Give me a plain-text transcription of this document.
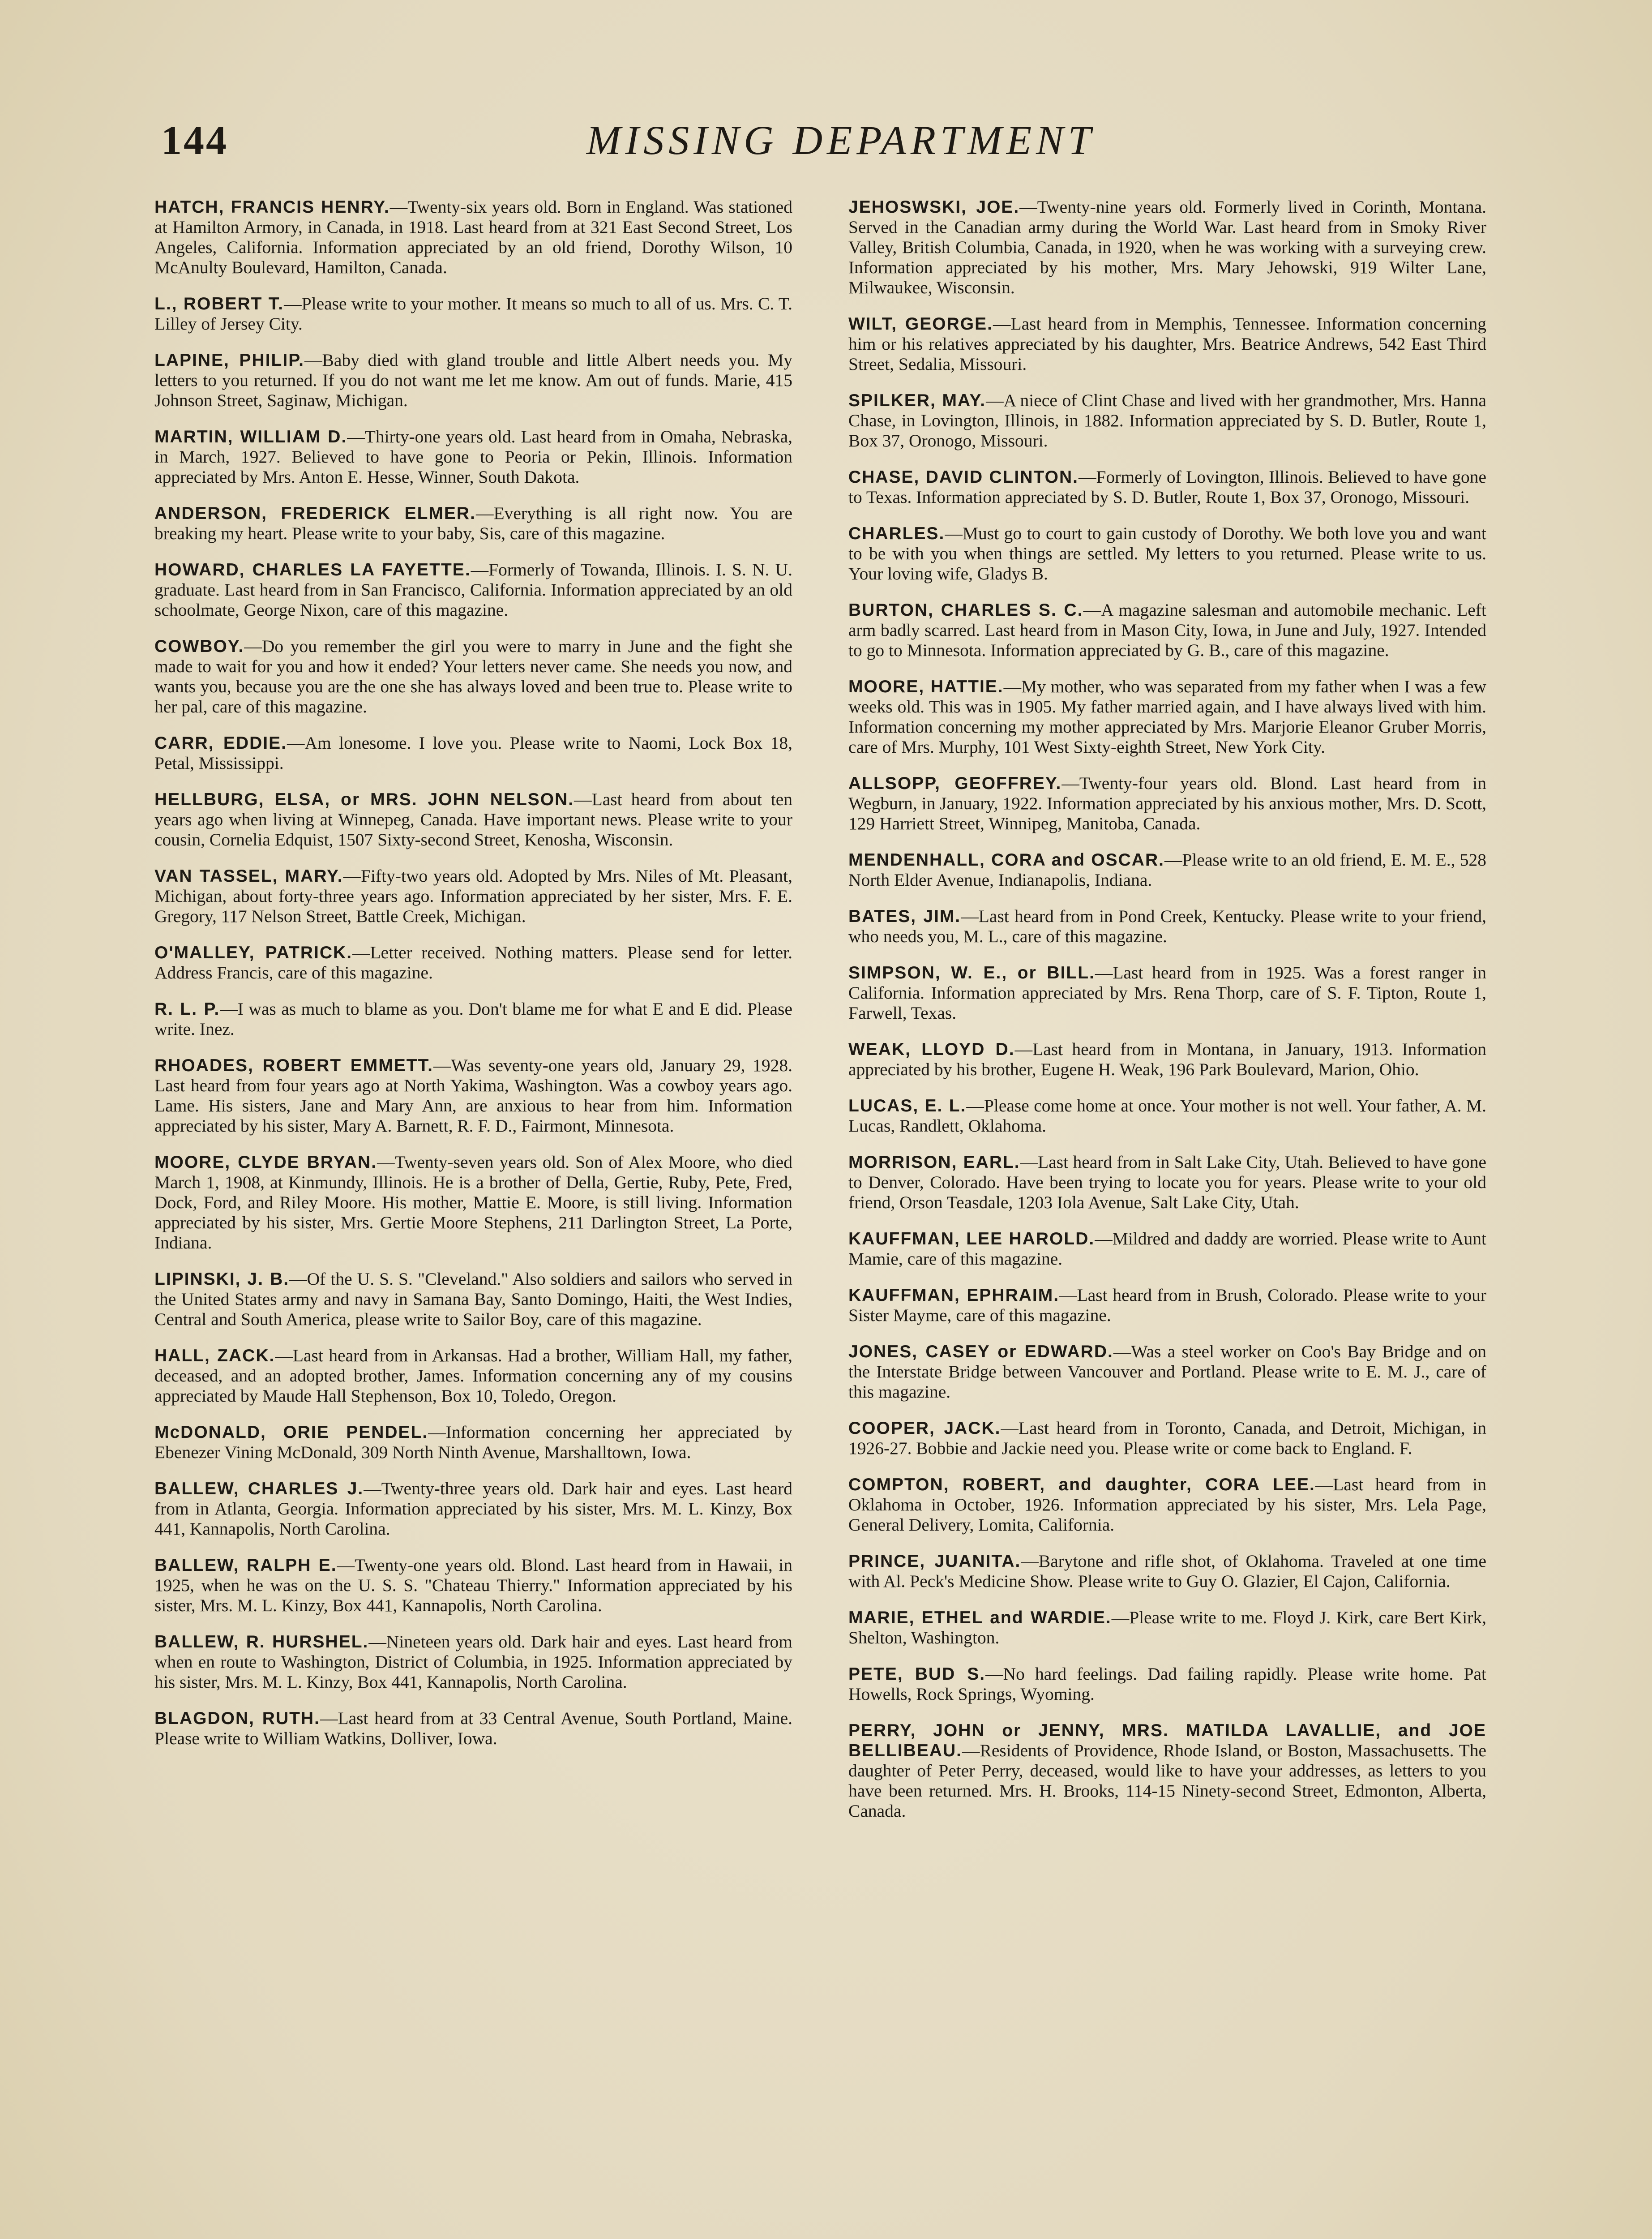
144	MISSING DEPARTMENT

HATCH, FRANCIS HENRY.—Twenty-six years old. Born in England. Was stationed at Hamilton Armory, in Canada, in 1918. Last heard from at 321 East Second Street, Los Angeles, California. Information appreciated by an old friend, Dorothy Wilson, 10 McAnulty Boulevard, Hamilton, Canada.

L., ROBERT T.—Please write to your mother. It means so much to all of us. Mrs. C. T. Lilley of Jersey City.

LAPINE, PHILIP.—Baby died with gland trouble and little Albert needs you. My letters to you returned. If you do not want me let me know. Am out of funds. Marie, 415 Johnson Street, Saginaw, Michigan.

MARTIN, WILLIAM D.—Thirty-one years old. Last heard from in Omaha, Nebraska, in March, 1927. Believed to have gone to Peoria or Pekin, Illinois. Information appreciated by Mrs. Anton E. Hesse, Winner, South Dakota.

ANDERSON, FREDERICK ELMER.—Everything is all right now. You are breaking my heart. Please write to your baby, Sis, care of this magazine.

HOWARD, CHARLES LA FAYETTE.—Formerly of Towanda, Illinois. I. S. N. U. graduate. Last heard from in San Francisco, California. Information appreciated by an old schoolmate, George Nixon, care of this magazine.

COWBOY.—Do you remember the girl you were to marry in June and the fight she made to wait for you and how it ended? Your letters never came. She needs you now, and wants you, because you are the one she has always loved and been true to. Please write to her pal, care of this magazine.

CARR, EDDIE.—Am lonesome. I love you. Please write to Naomi, Lock Box 18, Petal, Mississippi.

HELLBURG, ELSA, or MRS. JOHN NELSON.—Last heard from about ten years ago when living at Winnepeg, Canada. Have important news. Please write to your cousin, Cornelia Edquist, 1507 Sixty-second Street, Kenosha, Wisconsin.

VAN TASSEL, MARY.—Fifty-two years old. Adopted by Mrs. Niles of Mt. Pleasant, Michigan, about forty-three years ago. Information appreciated by her sister, Mrs. F. E. Gregory, 117 Nelson Street, Battle Creek, Michigan.

O'MALLEY, PATRICK.—Letter received. Nothing matters. Please send for letter. Address Francis, care of this magazine.

R. L. P.—I was as much to blame as you. Don't blame me for what E and E did. Please write. Inez.

RHOADES, ROBERT EMMETT.—Was seventy-one years old, January 29, 1928. Last heard from four years ago at North Yakima, Washington. Was a cowboy years ago. Lame. His sisters, Jane and Mary Ann, are anxious to hear from him. Information appreciated by his sister, Mary A. Barnett, R. F. D., Fairmont, Minnesota.

MOORE, CLYDE BRYAN.—Twenty-seven years old. Son of Alex Moore, who died March 1, 1908, at Kinmundy, Illinois. He is a brother of Della, Gertie, Ruby, Pete, Fred, Dock, Ford, and Riley Moore. His mother, Mattie E. Moore, is still living. Information appreciated by his sister, Mrs. Gertie Moore Stephens, 211 Darlington Street, La Porte, Indiana.

LIPINSKI, J. B.—Of the U. S. S. "Cleveland." Also soldiers and sailors who served in the United States army and navy in Samana Bay, Santo Domingo, Haiti, the West Indies, Central and South America, please write to Sailor Boy, care of this magazine.

HALL, ZACK.—Last heard from in Arkansas. Had a brother, William Hall, my father, deceased, and an adopted brother, James. Information concerning any of my cousins appreciated by Maude Hall Stephenson, Box 10, Toledo, Oregon.

McDONALD, ORIE PENDEL.—Information concerning her appreciated by Ebenezer Vining McDonald, 309 North Ninth Avenue, Marshalltown, Iowa.

BALLEW, CHARLES J.—Twenty-three years old. Dark hair and eyes. Last heard from in Atlanta, Georgia. Information appreciated by his sister, Mrs. M. L. Kinzy, Box 441, Kannapolis, North Carolina.

BALLEW, RALPH E.—Twenty-one years old. Blond. Last heard from in Hawaii, in 1925, when he was on the U. S. S. "Chateau Thierry." Information appreciated by his sister, Mrs. M. L. Kinzy, Box 441, Kannapolis, North Carolina.

BALLEW, R. HURSHEL.—Nineteen years old. Dark hair and eyes. Last heard from when en route to Washington, District of Columbia, in 1925. Information appreciated by his sister, Mrs. M. L. Kinzy, Box 441, Kannapolis, North Carolina.

BLAGDON, RUTH.—Last heard from at 33 Central Avenue, South Portland, Maine. Please write to William Watkins, Dolliver, Iowa.

JEHOSWSKI, JOE.—Twenty-nine years old. Formerly lived in Corinth, Montana. Served in the Canadian army during the World War. Last heard from in Smoky River Valley, British Columbia, Canada, in 1920, when he was working with a surveying crew. Information appreciated by his mother, Mrs. Mary Jehowski, 919 Wilter Lane, Milwaukee, Wisconsin.

WILT, GEORGE.—Last heard from in Memphis, Tennessee. Information concerning him or his relatives appreciated by his daughter, Mrs. Beatrice Andrews, 542 East Third Street, Sedalia, Missouri.

SPILKER, MAY.—A niece of Clint Chase and lived with her grandmother, Mrs. Hanna Chase, in Lovington, Illinois, in 1882. Information appreciated by S. D. Butler, Route 1, Box 37, Oronogo, Missouri.

CHASE, DAVID CLINTON.—Formerly of Lovington, Illinois. Believed to have gone to Texas. Information appreciated by S. D. Butler, Route 1, Box 37, Oronogo, Missouri.

CHARLES.—Must go to court to gain custody of Dorothy. We both love you and want to be with you when things are settled. My letters to you returned. Please write to us. Your loving wife, Gladys B.

BURTON, CHARLES S. C.—A magazine salesman and automobile mechanic. Left arm badly scarred. Last heard from in Mason City, Iowa, in June and July, 1927. Intended to go to Minnesota. Information appreciated by G. B., care of this magazine.

MOORE, HATTIE.—My mother, who was separated from my father when I was a few weeks old. This was in 1905. My father married again, and I have always lived with him. Information concerning my mother appreciated by Mrs. Marjorie Eleanor Gruber Morris, care of Mrs. Murphy, 101 West Sixty-eighth Street, New York City.

ALLSOPP, GEOFFREY.—Twenty-four years old. Blond. Last heard from in Wegburn, in January, 1922. Information appreciated by his anxious mother, Mrs. D. Scott, 129 Harriett Street, Winnipeg, Manitoba, Canada.

MENDENHALL, CORA and OSCAR.—Please write to an old friend, E. M. E., 528 North Elder Avenue, Indianapolis, Indiana.

BATES, JIM.—Last heard from in Pond Creek, Kentucky. Please write to your friend, who needs you, M. L., care of this magazine.

SIMPSON, W. E., or BILL.—Last heard from in 1925. Was a forest ranger in California. Information appreciated by Mrs. Rena Thorp, care of S. F. Tipton, Route 1, Farwell, Texas.

WEAK, LLOYD D.—Last heard from in Montana, in January, 1913. Information appreciated by his brother, Eugene H. Weak, 196 Park Boulevard, Marion, Ohio.

LUCAS, E. L.—Please come home at once. Your mother is not well. Your father, A. M. Lucas, Randlett, Oklahoma.

MORRISON, EARL.—Last heard from in Salt Lake City, Utah. Believed to have gone to Denver, Colorado. Have been trying to locate you for years. Please write to your old friend, Orson Teasdale, 1203 Iola Avenue, Salt Lake City, Utah.

KAUFFMAN, LEE HAROLD.—Mildred and daddy are worried. Please write to Aunt Mamie, care of this magazine.

KAUFFMAN, EPHRAIM.—Last heard from in Brush, Colorado. Please write to your Sister Mayme, care of this magazine.

JONES, CASEY or EDWARD.—Was a steel worker on Coo's Bay Bridge and on the Interstate Bridge between Vancouver and Portland. Please write to E. M. J., care of this magazine.

COOPER, JACK.—Last heard from in Toronto, Canada, and Detroit, Michigan, in 1926-27. Bobbie and Jackie need you. Please write or come back to England. F.

COMPTON, ROBERT, and daughter, CORA LEE.—Last heard from in Oklahoma in October, 1926. Information appreciated by his sister, Mrs. Lela Page, General Delivery, Lomita, California.

PRINCE, JUANITA.—Barytone and rifle shot, of Oklahoma. Traveled at one time with Al. Peck's Medicine Show. Please write to Guy O. Glazier, El Cajon, California.

MARIE, ETHEL and WARDIE.—Please write to me. Floyd J. Kirk, care Bert Kirk, Shelton, Washington.

PETE, BUD S.—No hard feelings. Dad failing rapidly. Please write home. Pat Howells, Rock Springs, Wyoming.

PERRY, JOHN or JENNY, MRS. MATILDA LAVALLIE, and JOE BELLIBEAU.—Residents of Providence, Rhode Island, or Boston, Massachusetts. The daughter of Peter Perry, deceased, would like to have your addresses, as letters to you have been returned. Mrs. H. Brooks, 114-15 Ninety-second Street, Edmonton, Alberta, Canada.
